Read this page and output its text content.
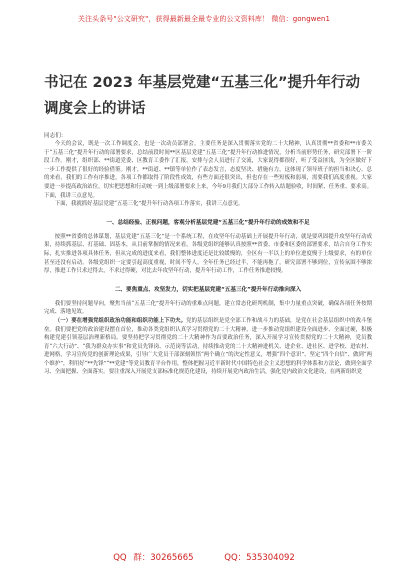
关注头条号"公文研究"，获得最新最全最专业的公文资料库！ 微信：gongwen1
书记在 2023 年基层党建“五基三化”提升年行动调度会上的讲话

同志们：

今天的会议，既是一次工作调度会，也是一次动员部署会。主要任务是深入贯彻落实党的二十大精神，认真贯彻**省委和**市委关于“五基三化”提升年行动的部署要求，总结前段时间**区基层党建“五基三化”提升年行动推进情况，分析当前形势任务，研究部署下一阶段工作。刚才，组织部、**街道党委、区教育工委作了汇报，安排与会人员进行了交流，大家说得都很好，听了受益匪浅，为全区做好下一步工作提供了很好的经验借鉴。刚才，**街道、**镇等单位作了表态发言，态度坚决、措施有力，这体现了领导班子的担当和决心。总的来看，我们的工作有序推进，各项工作都取得了阶段性成效，有些方面还很突出，但也存在一些短板和弱项，需要我们高度重视。大家要进一步提高政治站位，切实把思想和行动统一到上级部署要求上来，今年9月我们大部分工作转入结题验收，时间紧、任务重、要求高。下面，我讲三点意见。

下面，我就抓好基层党建“五基三化”提升年行动各项工作落实，我讲三点意见。

一、总结经验、正视问题，客观分析基层党建“五基三化”提升年行动的成效和不足

按照**省委的总体谋划，基层党建“五基三化”是一个系统工程，在攻坚年行动基础上开展提升年行动，就是要巩固提升攻坚年行动成果，持续抓基层、打基础、固基本，从目前掌握的情况来看，各级党组织能够认真按照**省委、市委和区委的部署要求，结合自身工作实际，扎实推进各项具体任务，但从完成的进度来看，我们整体进度还是比较缓慢的，全区有一半以上的单位进度慢于上级要求，有的单位甚至还没有启动。各级党组织一定要引起高度重视，时间不等人，全年任务已经过半，不能再拖了，研究部署不够到位，宣传氛围不够浓厚，推进工作只求过得去，不求过得硬，对比去年攻坚年行动，提升年行动工作，工作任务推进较慢。

二、要焦重点、攻坚发力，切实把基层党建“五基三化”提升年行动推向深入

我们要坚持问题导向，聚焦当前“五基三化”提升年行动的重难点问题，建立常态化研判机制，集中力量重点突破，确保各项任务按期完成、落地见效。

（一）要在增强党组织政治功能和组织功能上下功夫。党的基层组织是党全部工作和战斗力的基础，是党在社会基层组织中的战斗堡垒。我们要把党的政治建设摆在首位，推动各类党组织认真学习贯彻党的二十大精神，进一步推动党组织建设全面进步、全面过硬，积极构建党建引领基层治理新格局。要坚持把学习贯彻党的二十大精神作为首要政治任务，深入开展学习宣传贯彻党的二十大精神，党员教育“六大行动”、“我为群众办实事”和党员先锋岗、示范岗等活动，持续推动党的二十大精神进机关、进企业、进社区、进学校、进农村、进网格，学习宣传党的创新理论成果，引导广大党员干部深刻领悟“两个确立”的决定性意义，增强“四个意识”、坚定“四个自信”、做到“两个维护”，利用好“**先锋”“**党建”等党员教育平台作用，整体把握习近平新时代中国特色社会主义思想的科学体系和方法论，做到全面学习、全面把握、全面落实。要注重深入开展党支部标准化规范化建设，持续开展党内政治生活，强化党内政治文化建设，在两新组织党

QQ 群：30265665	QQ：535304092
